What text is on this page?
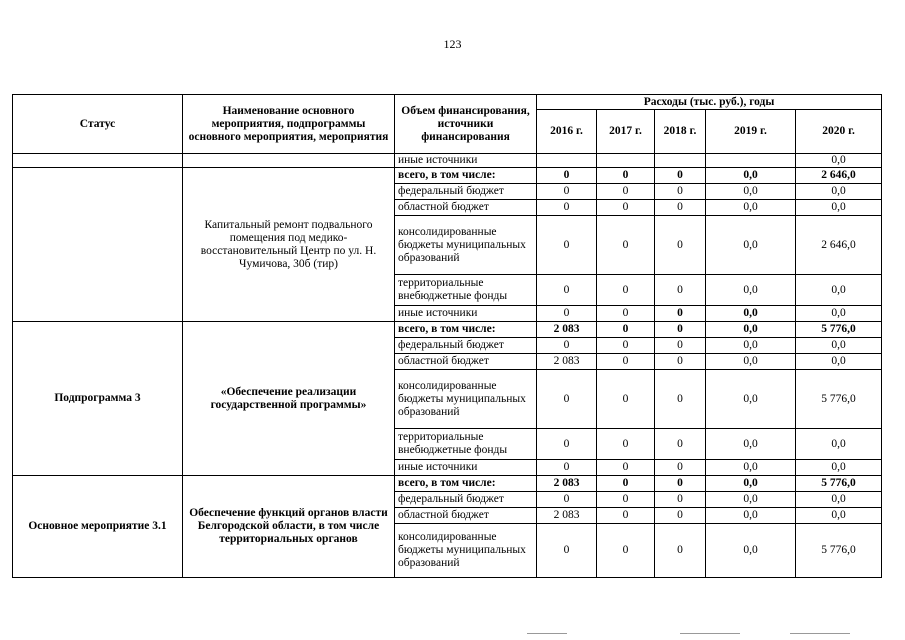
123
Статус	Наименование основного мероприятия, подпрограммы основного мероприятия, мероприятия	Объем финансирования, источники финансирования	Расходы (тыс. руб.), годы				
			2016 г.	2017 г.	2018 г.	2019 г.	2020 г.
		иные источники					0,0
	Капитальный ремонт подвального помещения под медико-восстановительный Центр по ул. Н. Чумичова, 30б (тир)	всего, в том числе:	0	0	0	0,0	2 646,0
		федеральный бюджет	0	0	0	0,0	0,0
		областной бюджет	0	0	0	0,0	0,0
		консолидированные бюджеты муниципальных образований	0	0	0	0,0	2 646,0
		территориальные внебюджетные фонды	0	0	0	0,0	0,0
		иные источники	0	0	0	0,0	0,0
Подпрограмма 3	«Обеспечение реализации государственной программы»	всего, в том числе:	2 083	0	0	0,0	5 776,0
		федеральный бюджет	0	0	0	0,0	0,0
		областной бюджет	2 083	0	0	0,0	0,0
		консолидированные бюджеты муниципальных образований	0	0	0	0,0	5 776,0
		территориальные внебюджетные фонды	0	0	0	0,0	0,0
		иные источники	0	0	0	0,0	0,0
Основное мероприятие 3.1	Обеспечение функций органов власти Белгородской области, в том числе территориальных органов	всего, в том числе:	2 083	0	0	0,0	5 776,0
		федеральный бюджет	0	0	0	0,0	0,0
		областной бюджет	2 083	0	0	0,0	0,0
		консолидированные бюджеты муниципальных образований	0	0	0	0,0	5 776,0
